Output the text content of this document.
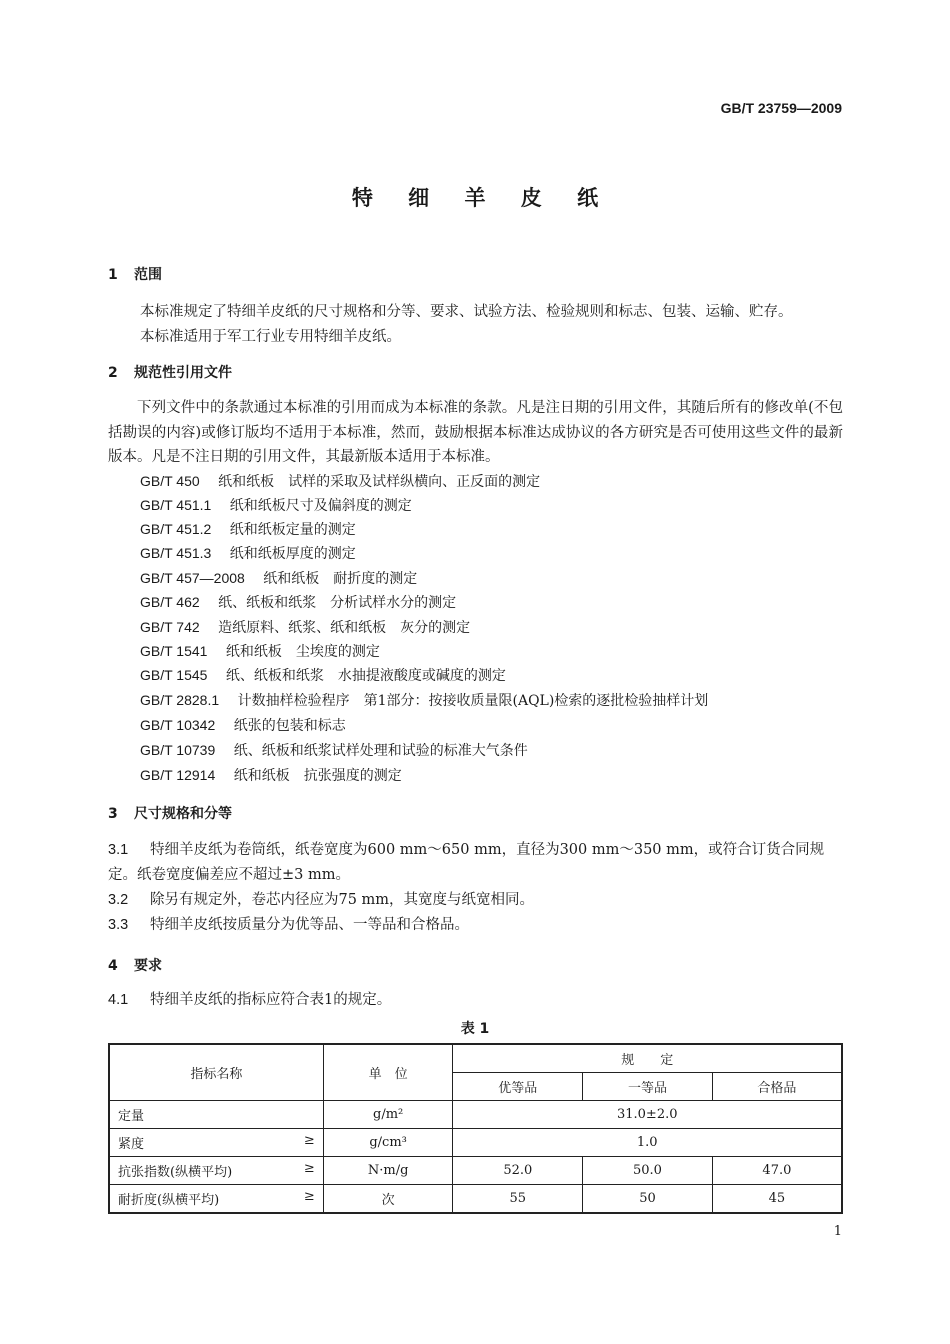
GB/T 23759—2009
特 细 羊 皮 纸
1 范围
本标准规定了特细羊皮纸的尺寸规格和分等、要求、试验方法、检验规则和标志、包装、运输、贮存。
本标准适用于军工行业专用特细羊皮纸。
2 规范性引用文件
下列文件中的条款通过本标准的引用而成为本标准的条款。凡是注日期的引用文件，其随后所有的修改单(不包括勘误的内容)或修订版均不适用于本标准，然而，鼓励根据本标准达成协议的各方研究是否可使用这些文件的最新版本。凡是不注日期的引用文件，其最新版本适用于本标准。
GB/T 450　 纸和纸板　试样的采取及试样纵横向、正反面的测定
GB/T 451.1　 纸和纸板尺寸及偏斜度的测定
GB/T 451.2　 纸和纸板定量的测定
GB/T 451.3　 纸和纸板厚度的测定
GB/T 457—2008　 纸和纸板　耐折度的测定
GB/T 462　 纸、纸板和纸浆　分析试样水分的测定
GB/T 742　 造纸原料、纸浆、纸和纸板　灰分的测定
GB/T 1541　 纸和纸板　尘埃度的测定
GB/T 1545　 纸、纸板和纸浆　水抽提液酸度或碱度的测定
GB/T 2828.1　 计数抽样检验程序　第1部分：按接收质量限(AQL)检索的逐批检验抽样计划
GB/T 10342　 纸张的包装和标志
GB/T 10739　 纸、纸板和纸浆试样处理和试验的标准大气条件
GB/T 12914　 纸和纸板　抗张强度的测定
3 尺寸规格和分等
3.1 特细羊皮纸为卷筒纸，纸卷宽度为600 mm～650 mm，直径为300 mm～350 mm，或符合订货合同规定。纸卷宽度偏差应不超过±3 mm。
3.2 除另有规定外，卷芯内径应为75 mm，其宽度与纸宽相同。
3.3 特细羊皮纸按质量分为优等品、一等品和合格品。
4 要求
4.1 特细羊皮纸的指标应符合表1的规定。
表 1
指标名称	单　位	规　　定		
		优等品	一等品	合格品
定量	g/m²	31.0±2.0		
紧度 ≥	g/cm³	1.0		
抗张指数(纵横平均) ≥	N·m/g	52.0	50.0	47.0
耐折度(纵横平均) ≥	次	55	50	45
1
